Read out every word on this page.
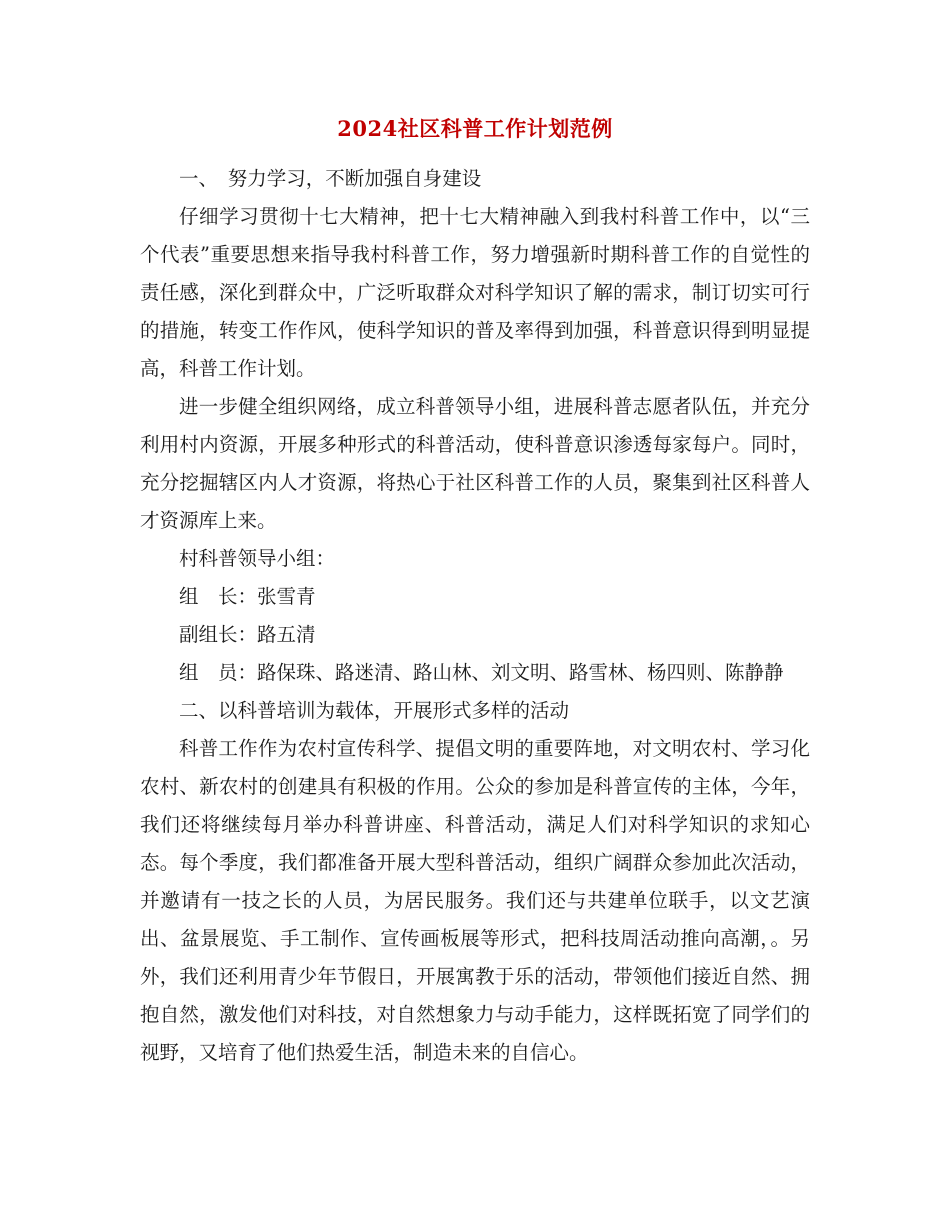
2024社区科普工作计划范例

一、　努力学习，不断加强自身建设

仔细学习贯彻十七大精神，把十七大精神融入到我村科普工作中，以“三个代表”重要思想来指导我村科普工作，努力增强新时期科普工作的自觉性的责任感，深化到群众中，广泛听取群众对科学知识了解的需求，制订切实可行的措施，转变工作作风，使科学知识的普及率得到加强，科普意识得到明显提高，科普工作计划。

进一步健全组织网络，成立科普领导小组，进展科普志愿者队伍，并充分利用村内资源，开展多种形式的科普活动，使科普意识渗透每家每户。同时，充分挖掘辖区内人才资源，将热心于社区科普工作的人员，聚集到社区科普人才资源库上来。

村科普领导小组：

组　长：张雪青

副组长：路五清

组　员：路保珠、路迷清、路山林、刘文明、路雪林、杨四则、陈静静

二、以科普培训为载体，开展形式多样的活动

科普工作作为农村宣传科学、提倡文明的重要阵地，对文明农村、学习化农村、新农村的创建具有积极的作用。公众的参加是科普宣传的主体，今年，我们还将继续每月举办科普讲座、科普活动，满足人们对科学知识的求知心态。每个季度，我们都准备开展大型科普活动，组织广阔群众参加此次活动，并邀请有一技之长的人员，为居民服务。我们还与共建单位联手，以文艺演出、盆景展览、手工制作、宣传画板展等形式，把科技周活动推向高潮，。另外，我们还利用青少年节假日，开展寓教于乐的活动，带领他们接近自然、拥抱自然，激发他们对科技，对自然想象力与动手能力，这样既拓宽了同学们的视野，又培育了他们热爱生活，制造未来的自信心。
